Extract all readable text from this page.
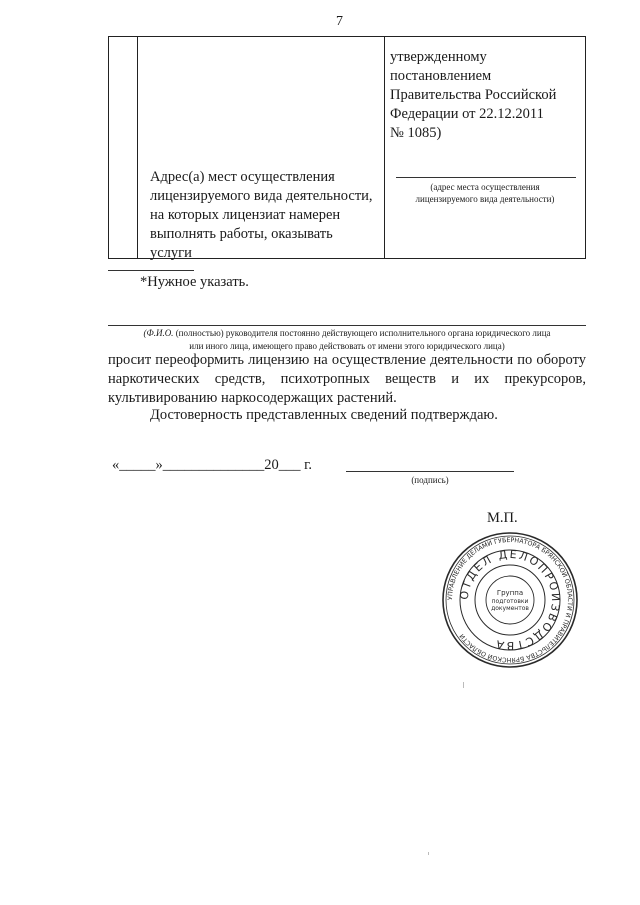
7
утвержденному
постановлением
Правительства Российской
Федерации от 22.12.2011
№ 1085)
Адрес(а) мест осуществления
лицензируемого вида деятельности,
на которых лицензиат намерен
выполнять работы, оказывать
услуги
(адрес места осуществления
лицензируемого вида деятельности)
*Нужное указать.
(Ф.И.О. (полностью) руководителя постоянно действующего исполнительного органа юридического лица
или иного лица, имеющего право действовать от имени этого юридического лица)
просит переоформить лицензию на осуществление деятельности по обороту наркотических средств, психотропных веществ и их прекурсоров, культивированию наркосодержащих растений.
Достоверность представленных сведений подтверждаю.
«_____»______________20___ г.
(подпись)
М.П.
УПРАВЛЕНИЕ ДЕЛАМИ ГУБЕРНАТОРА БРЯНСКОЙ ОБЛАСТИ И ПРАВИТЕЛЬСТВА БРЯНСКОЙ ОБЛАСТИ
ОТДЕЛ ДЕЛОПРОИЗВОДСТВА
Группа
подготовки
документов
